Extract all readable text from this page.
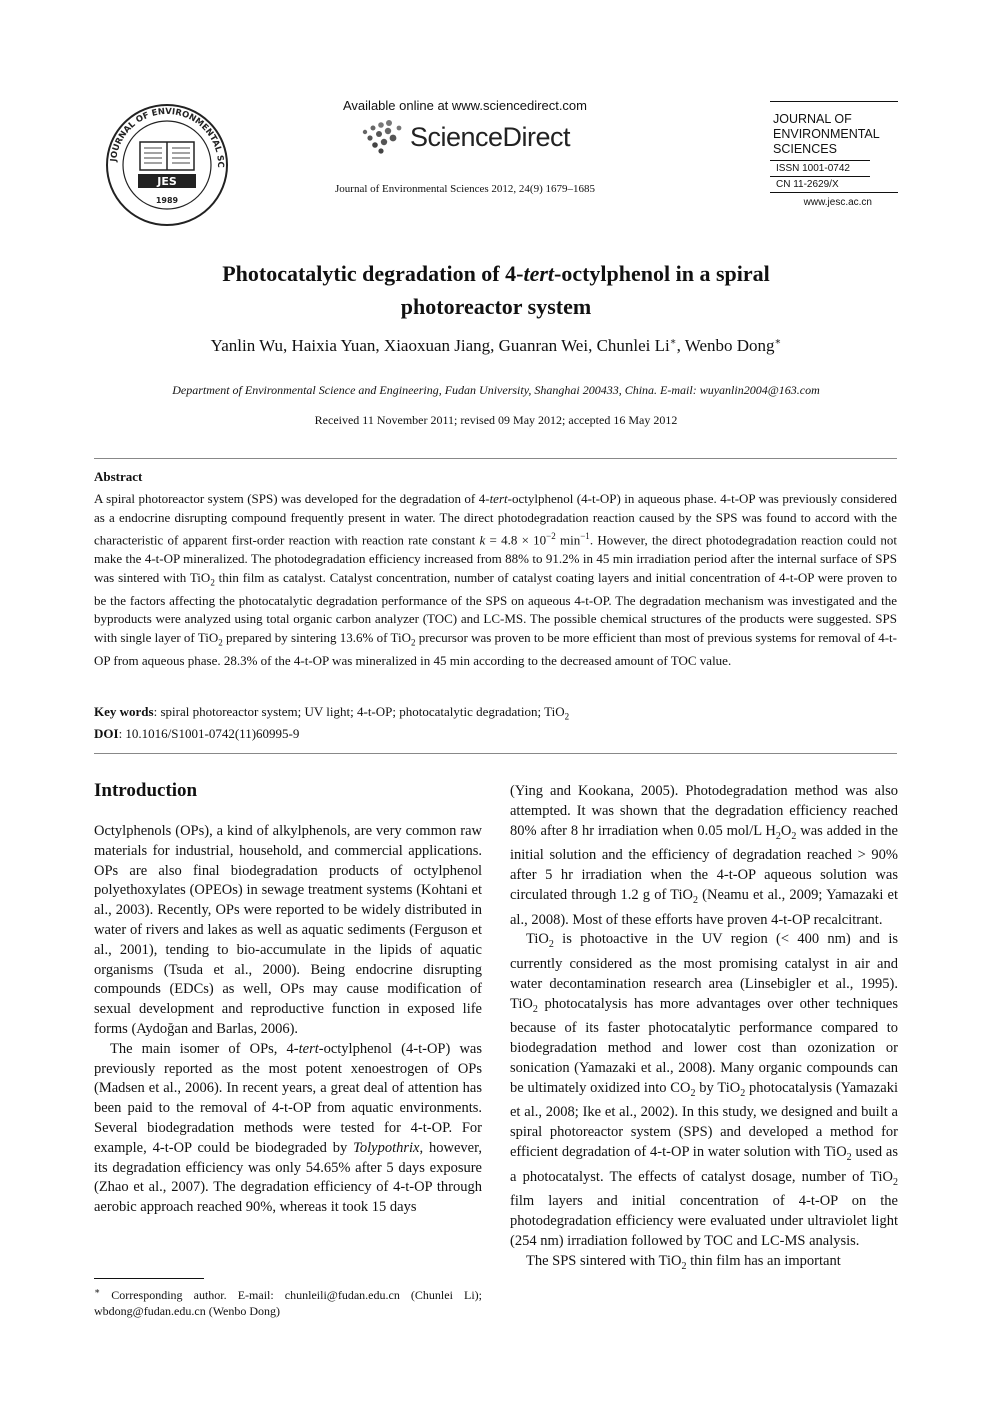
JOURNAL OF ENVIRONMENTAL SC
JES
1989
Available online at www.sciencedirect.com
ScienceDirect
Journal of Environmental Sciences 2012, 24(9) 1679–1685
JOURNAL OF
ENVIRONMENTAL
SCIENCES
ISSN 1001-0742
CN 11-2629/X
www.jesc.ac.cn
Photocatalytic degradation of 4-tert-octylphenol in a spiral
photoreactor system
Yanlin Wu, Haixia Yuan, Xiaoxuan Jiang, Guanran Wei, Chunlei Li∗, Wenbo Dong∗
Department of Environmental Science and Engineering, Fudan University, Shanghai 200433, China. E-mail: wuyanlin2004@163.com
Received 11 November 2011; revised 09 May 2012; accepted 16 May 2012
Abstract
A spiral photoreactor system (SPS) was developed for the degradation of 4-tert-octylphenol (4-t-OP) in aqueous phase. 4-t-OP was previously considered as a endocrine disrupting compound frequently present in water. The direct photodegradation reaction caused by the SPS was found to accord with the characteristic of apparent first-order reaction with reaction rate constant $k = 4.8 \times 10^{-2}$ $\min^{-1}$. However, the direct photodegradation reaction could not make the 4-t-OP mineralized. The photodegradation efficiency increased from 88% to 91.2% in 45 min irradiation period after the internal surface of SPS was sintered with TiO$_2$ thin film as catalyst. Catalyst concentration, number of catalyst coating layers and initial concentration of 4-t-OP were proven to be the factors affecting the photocatalytic degradation performance of the SPS on aqueous 4-t-OP. The degradation mechanism was investigated and the byproducts were analyzed using total organic carbon analyzer (TOC) and LC-MS. The possible chemical structures of the products were suggested. SPS with single layer of TiO$_2$ prepared by sintering 13.6% of TiO$_2$ precursor was proven to be more efficient than most of previous systems for removal of 4-t-OP from aqueous phase. 28.3% of the 4-t-OP was mineralized in 45 min according to the decreased amount of TOC value.
Key words: spiral photoreactor system; UV light; 4-t-OP; photocatalytic degradation; TiO$_2$
DOI: 10.1016/S1001-0742(11)60995-9
Introduction

Octylphenols (OPs), a kind of alkylphenols, are very common raw materials for industrial, household, and commercial applications. OPs are also final biodegradation products of octylphenol polyethoxylates (OPEOs) in sewage treatment systems (Kohtani et al., 2003). Recently, OPs were reported to be widely distributed in water of rivers and lakes as well as aquatic sediments (Ferguson et al., 2001), tending to bio-accumulate in the lipids of aquatic organisms (Tsuda et al., 2000). Being endocrine disrupting compounds (EDCs) as well, OPs may cause modification of sexual development and reproductive function in exposed life forms (Aydoğan and Barlas, 2006).

The main isomer of OPs, 4-tert-octylphenol (4-t-OP) was previously reported as the most potent xenoestrogen of OPs (Madsen et al., 2006). In recent years, a great deal of attention has been paid to the removal of 4-t-OP from aquatic environments. Several biodegradation methods were tested for 4-t-OP. For example, 4-t-OP could be biodegraded by Tolypothrix, however, its degradation efficiency was only 54.65% after 5 days exposure (Zhao et al., 2007). The degradation efficiency of 4-t-OP through aerobic approach reached 90%, whereas it took 15 days

(Ying and Kookana, 2005). Photodegradation method was also attempted. It was shown that the degradation efficiency reached 80% after 8 hr irradiation when 0.05 mol/L $H_2O_2$ was added in the initial solution and the efficiency of degradation reached > 90% after 5 hr irradiation when the 4-t-OP aqueous solution was circulated through 1.2 g of TiO$_2$ (Neamu et al., 2009; Yamazaki et al., 2008). Most of these efforts have proven 4-t-OP recalcitrant.

TiO$_2$ is photoactive in the UV region (< 400 nm) and is currently considered as the most promising catalyst in air and water decontamination research area (Linsebigler et al., 1995). TiO$_2$ photocatalysis has more advantages over other techniques because of its faster photocatalytic performance compared to biodegradation method and lower cost than ozonization or sonication (Yamazaki et al., 2008). Many organic compounds can be ultimately oxidized into $CO_2$ by TiO$_2$ photocatalysis (Yamazaki et al., 2008; Ike et al., 2002). In this study, we designed and built a spiral photoreactor system (SPS) and developed a method for efficient degradation of 4-t-OP in water solution with TiO$_2$ used as a photocatalyst. The effects of catalyst dosage, number of TiO$_2$ film layers and initial concentration of 4-t-OP on the photodegradation efficiency were evaluated under ultraviolet light (254 nm) irradiation followed by TOC and LC-MS analysis.

The SPS sintered with TiO$_2$ thin film has an important

∗ Corresponding author. E-mail: chunleili@fudan.edu.cn (Chunlei Li); wbdong@fudan.edu.cn (Wenbo Dong)
